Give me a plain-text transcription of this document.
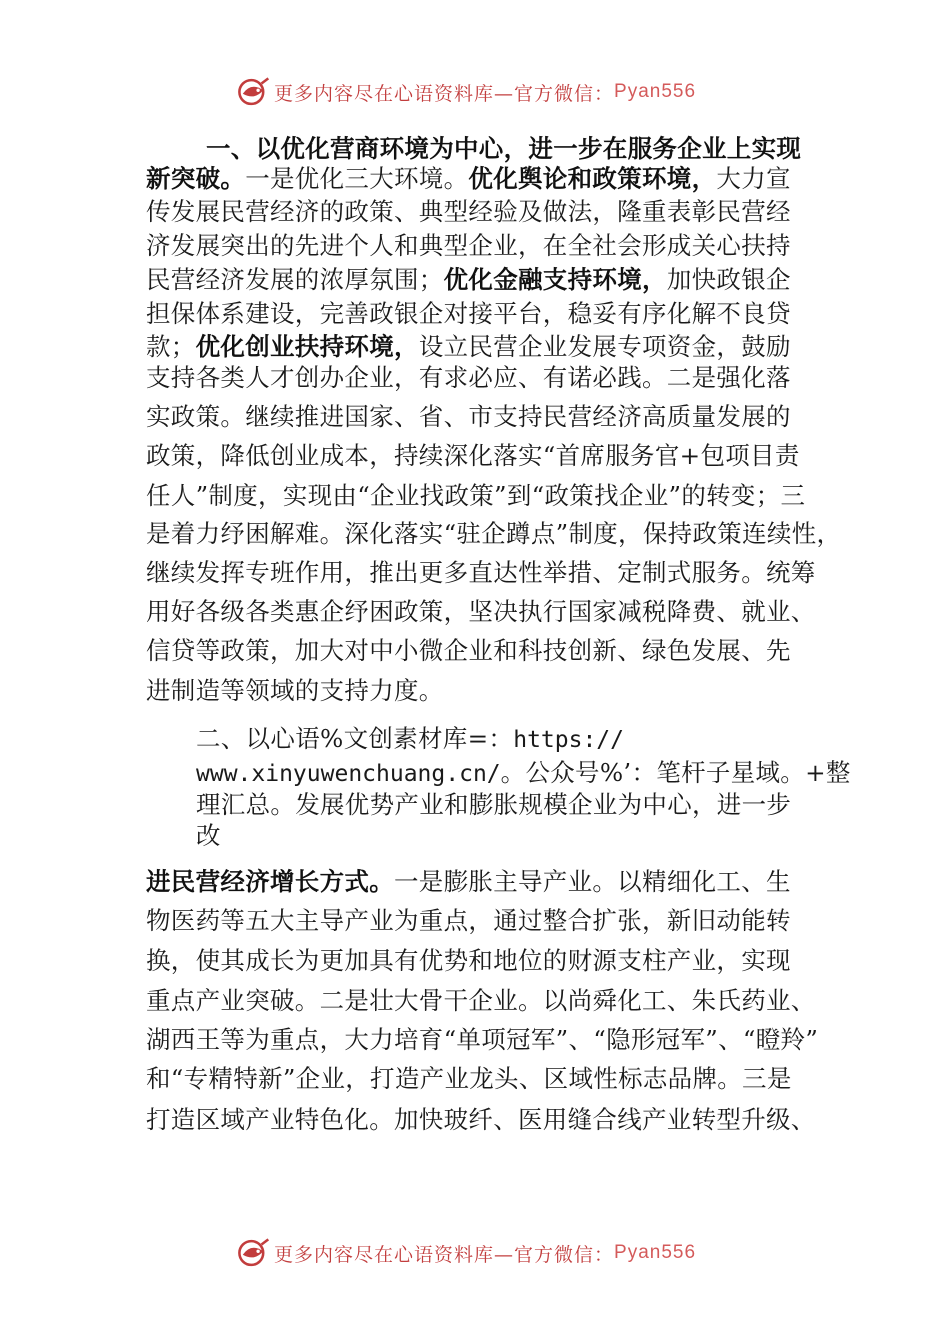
更多内容尽在心语资料库—官方微信： Pyan556
一、以优化营商环境为中心，进一步在服务企业上实现
新突破。一是优化三大环境。优化舆论和政策环境，大力宣
传发展民营经济的政策、典型经验及做法，隆重表彰民营经
济发展突出的先进个人和典型企业，在全社会形成关心扶持
民营经济发展的浓厚氛围；优化金融支持环境，加快政银企
担保体系建设，完善政银企对接平台，稳妥有序化解不良贷
款；优化创业扶持环境，设立民营企业发展专项资金，鼓励
支持各类人才创办企业，有求必应、有诺必践。二是强化落
实政策。继续推进国家、省、市支持民营经济高质量发展的
政策，降低创业成本，持续深化落实“首席服务官+包项目责
任人”制度，实现由“企业找政策”到“政策找企业”的转变；三
是着力纾困解难。深化落实“驻企蹲点”制度，保持政策连续性，
继续发挥专班作用，推出更多直达性举措、定制式服务。统筹
用好各级各类惠企纾困政策，坚决执行国家减税降费、就业、
信贷等政策，加大对中小微企业和科技创新、绿色发展、先
进制造等领域的支持力度。
二、以心语%文创素材库=：https://
www.xinyuwenchuang.cn/。公众号%’：笔杆子星域。+整
理汇总。发展优势产业和膨胀规模企业为中心，进一步
改
进民营经济增长方式。一是膨胀主导产业。以精细化工、生
物医药等五大主导产业为重点，通过整合扩张，新旧动能转
换，使其成长为更加具有优势和地位的财源支柱产业，实现
重点产业突破。二是壮大骨干企业。以尚舜化工、朱氏药业、
湖西王等为重点，大力培育“单项冠军”、“隐形冠军”、“瞪羚”
和“专精特新”企业，打造产业龙头、区域性标志品牌。三是
打造区域产业特色化。加快玻纤、医用缝合线产业转型升级、
更多内容尽在心语资料库—官方微信： Pyan556
